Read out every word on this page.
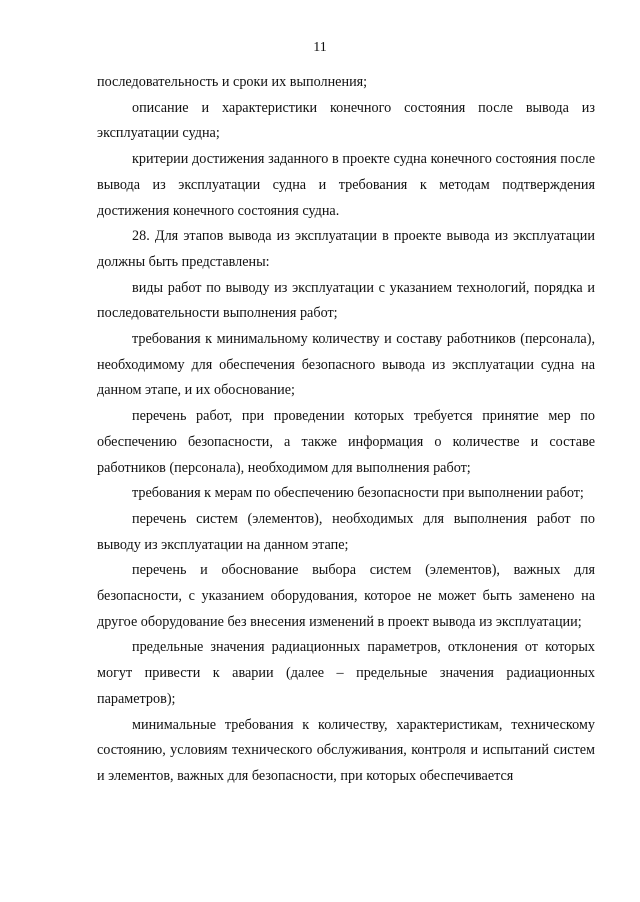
11

последовательность и сроки их выполнения;

описание и характеристики конечного состояния после вывода из эксплуатации судна;

критерии достижения заданного в проекте судна конечного состояния после вывода из эксплуатации судна и требования к методам подтверждения достижения конечного состояния судна.

28. Для этапов вывода из эксплуатации в проекте вывода из эксплуатации должны быть представлены:

виды работ по выводу из эксплуатации с указанием технологий, порядка и последовательности выполнения работ;

требования к минимальному количеству и составу работников (персонала), необходимому для обеспечения безопасного вывода из эксплуатации судна на данном этапе, и их обоснование;

перечень работ, при проведении которых требуется принятие мер по обеспечению безопасности, а также информация о количестве и составе работников (персонала), необходимом для выполнения работ;

требования к мерам по обеспечению безопасности при выполнении работ;

перечень систем (элементов), необходимых для выполнения работ по выводу из эксплуатации на данном этапе;

перечень и обоснование выбора систем (элементов), важных для безопасности, с указанием оборудования, которое не может быть заменено на другое оборудование без внесения изменений в проект вывода из эксплуатации;

предельные значения радиационных параметров, отклонения от которых могут привести к аварии (далее – предельные значения радиационных параметров);

минимальные требования к количеству, характеристикам, техническому состоянию, условиям технического обслуживания, контроля и испытаний систем и элементов, важных для безопасности, при которых обеспечивается
